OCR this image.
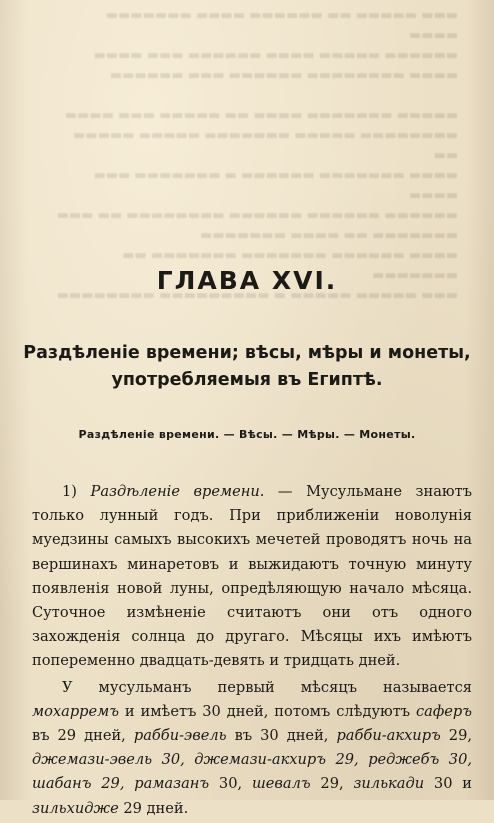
▬▬▬ ▬▬▬▬▬ ▬▬ ▬▬▬▬▬▬ ▬▬▬▬ ▬▬▬▬▬▬▬ ▬▬▬▬
▬▬▬▬▬▬ ▬▬▬▬▬ ▬▬▬▬ ▬▬▬▬▬▬ ▬▬▬ ▬▬▬▬
▬▬▬▬ ▬▬▬▬▬▬▬▬ ▬▬▬▬▬▬ ▬▬▬ ▬▬▬▬▬▬

▬▬▬▬▬ ▬▬▬▬▬▬▬ ▬▬▬▬ ▬▬ ▬▬▬▬▬ ▬▬▬ ▬▬▬▬
▬▬▬▬▬▬▬▬ ▬▬▬▬▬ ▬▬▬▬▬▬▬ ▬▬▬▬▬ ▬▬▬▬▬ ▬▬
▬▬▬▬ ▬▬▬▬▬▬▬ ▬▬▬▬▬▬ ▬ ▬▬▬▬▬▬▬ ▬▬▬ ▬▬▬▬
▬▬▬▬▬▬ ▬▬▬▬▬▬ ▬▬▬▬▬▬ ▬▬▬▬▬▬▬▬ ▬▬ ▬▬▬
▬▬▬▬▬▬▬ ▬▬ ▬▬▬▬ ▬▬▬▬▬▬▬
▬▬▬▬ ▬▬▬▬▬▬ ▬▬▬▬▬▬▬ ▬▬▬▬▬▬▬ ▬▬ ▬▬▬▬▬▬▬
▬▬▬ ▬▬▬▬▬ ▬▬▬▬▬ ▬ ▬▬▬▬▬▬▬▬▬ ▬▬▬▬▬▬▬▬

ГЛАВА XVI.
Раздѣленіе времени; вѣсы, мѣры и монеты,
употребляемыя въ Египтѣ.
Раздѣленіе времени. — Вѣсы. — Мѣры. — Монеты.

1) Раздѣленіе времени. — Мусульмане знаютъ только лунный годъ. При приближеніи новолунія муедзины самыхъ высокихъ мечетей проводятъ ночь на вершинахъ минаретовъ и выжидаютъ точную минуту появленія новой луны, опредѣляющую начало мѣсяца. Суточное измѣненіе считаютъ они отъ одного захожденія солнца до другаго. Мѣсяцы ихъ имѣютъ попеременно двадцать-девять и тридцать дней.

У мусульманъ первый мѣсяцъ называется мохарремъ и имѣетъ 30 дней, потомъ слѣдуютъ саферъ въ 29 дней, рабби-эвель въ 30 дней, рабби-акхиръ 29, джемази-эвель 30, джемази-акхиръ 29, реджебъ 30, шабанъ 29, рамазанъ 30, шевалъ 29, зилькади 30 и зильхидже 29 дней.
